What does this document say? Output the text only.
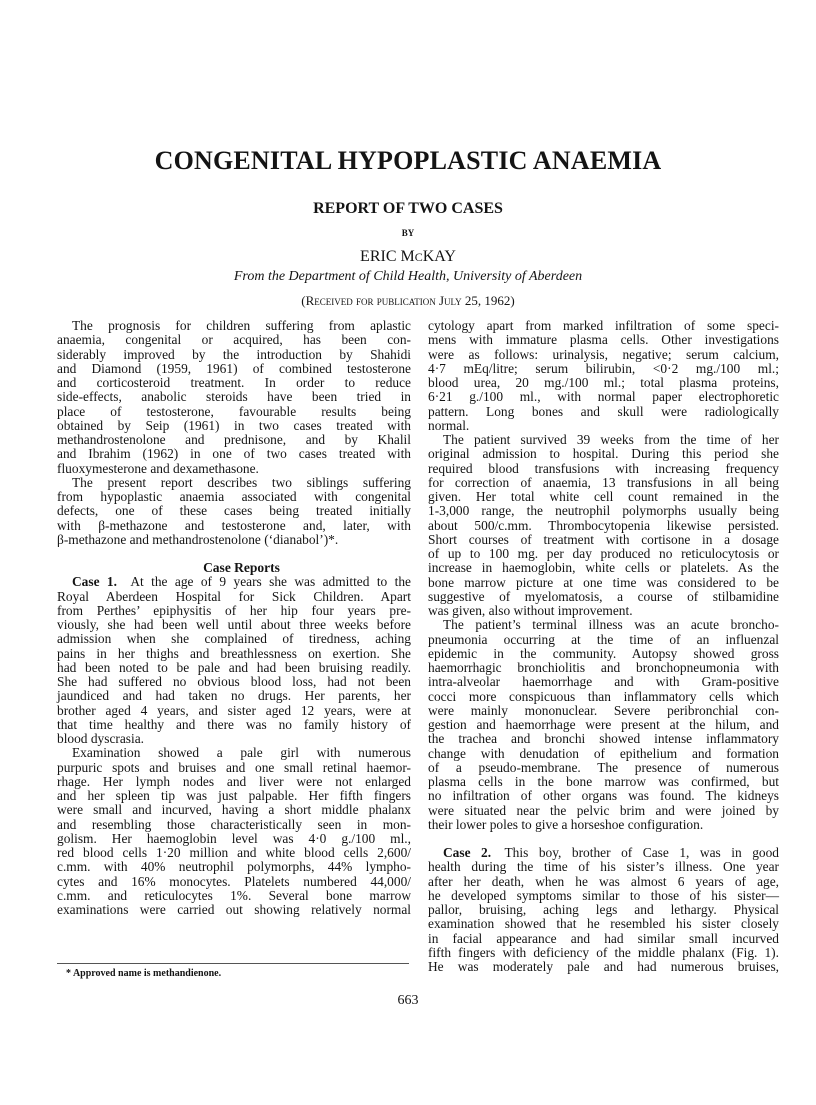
CONGENITAL HYPOPLASTIC ANAEMIA
REPORT OF TWO CASES
BY
ERIC MCKAY
From the Department of Child Health, University of Aberdeen
(Received for publication July 25, 1962)
The prognosis for children suffering from aplastic
anaemia, congenital or acquired, has been con-
siderably improved by the introduction by Shahidi
and Diamond (1959, 1961) of combined testosterone
and corticosteroid treatment. In order to reduce
side-effects, anabolic steroids have been tried in
place of testosterone, favourable results being
obtained by Seip (1961) in two cases treated with
methandrostenolone and prednisone, and by Khalil
and Ibrahim (1962) in one of two cases treated with
fluoxymesterone and dexamethasone.
The present report describes two siblings suffering
from hypoplastic anaemia associated with congenital
defects, one of these cases being treated initially
with β-methazone and testosterone and, later, with
β-methazone and methandrostenolone (‘dianabol’)*.

Case Reports

Case 1. At the age of 9 years she was admitted to the
Royal Aberdeen Hospital for Sick Children. Apart
from Perthes’ epiphysitis of her hip four years pre-
viously, she had been well until about three weeks before
admission when she complained of tiredness, aching
pains in her thighs and breathlessness on exertion. She
had been noted to be pale and had been bruising readily.
She had suffered no obvious blood loss, had not been
jaundiced and had taken no drugs. Her parents, her
brother aged 4 years, and sister aged 12 years, were at
that time healthy and there was no family history of
blood dyscrasia.
Examination showed a pale girl with numerous
purpuric spots and bruises and one small retinal haemor-
rhage. Her lymph nodes and liver were not enlarged
and her spleen tip was just palpable. Her fifth fingers
were small and incurved, having a short middle phalanx
and resembling those characteristically seen in mon-
golism. Her haemoglobin level was 4·0 g./100 ml.,
red blood cells 1·20 million and white blood cells 2,600/
c.mm. with 40% neutrophil polymorphs, 44% lympho-
cytes and 16% monocytes. Platelets numbered 44,000/
c.mm. and reticulocytes 1%. Several bone marrow
examinations were carried out showing relatively normal
cytology apart from marked infiltration of some speci-
mens with immature plasma cells. Other investigations
were as follows: urinalysis, negative; serum calcium,
4·7 mEq/litre; serum bilirubin, <0·2 mg./100 ml.;
blood urea, 20 mg./100 ml.; total plasma proteins,
6·21 g./100 ml., with normal paper electrophoretic
pattern. Long bones and skull were radiologically
normal.
The patient survived 39 weeks from the time of her
original admission to hospital. During this period she
required blood transfusions with increasing frequency
for correction of anaemia, 13 transfusions in all being
given. Her total white cell count remained in the
1-3,000 range, the neutrophil polymorphs usually being
about 500/c.mm. Thrombocytopenia likewise persisted.
Short courses of treatment with cortisone in a dosage
of up to 100 mg. per day produced no reticulocytosis or
increase in haemoglobin, white cells or platelets. As the
bone marrow picture at one time was considered to be
suggestive of myelomatosis, a course of stilbamidine
was given, also without improvement.
The patient’s terminal illness was an acute broncho-
pneumonia occurring at the time of an influenzal
epidemic in the community. Autopsy showed gross
haemorrhagic bronchiolitis and bronchopneumonia with
intra-alveolar haemorrhage and with Gram-positive
cocci more conspicuous than inflammatory cells which
were mainly mononuclear. Severe peribronchial con-
gestion and haemorrhage were present at the hilum, and
the trachea and bronchi showed intense inflammatory
change with denudation of epithelium and formation
of a pseudo-membrane. The presence of numerous
plasma cells in the bone marrow was confirmed, but
no infiltration of other organs was found. The kidneys
were situated near the pelvic brim and were joined by
their lower poles to give a horseshoe configuration.
Case 2. This boy, brother of Case 1, was in good
health during the time of his sister’s illness. One year
after her death, when he was almost 6 years of age,
he developed symptoms similar to those of his sister—
pallor, bruising, aching legs and lethargy. Physical
examination showed that he resembled his sister closely
in facial appearance and had similar small incurved
fifth fingers with deficiency of the middle phalanx (Fig. 1).
He was moderately pale and had numerous bruises,
* Approved name is methandienone.
663
